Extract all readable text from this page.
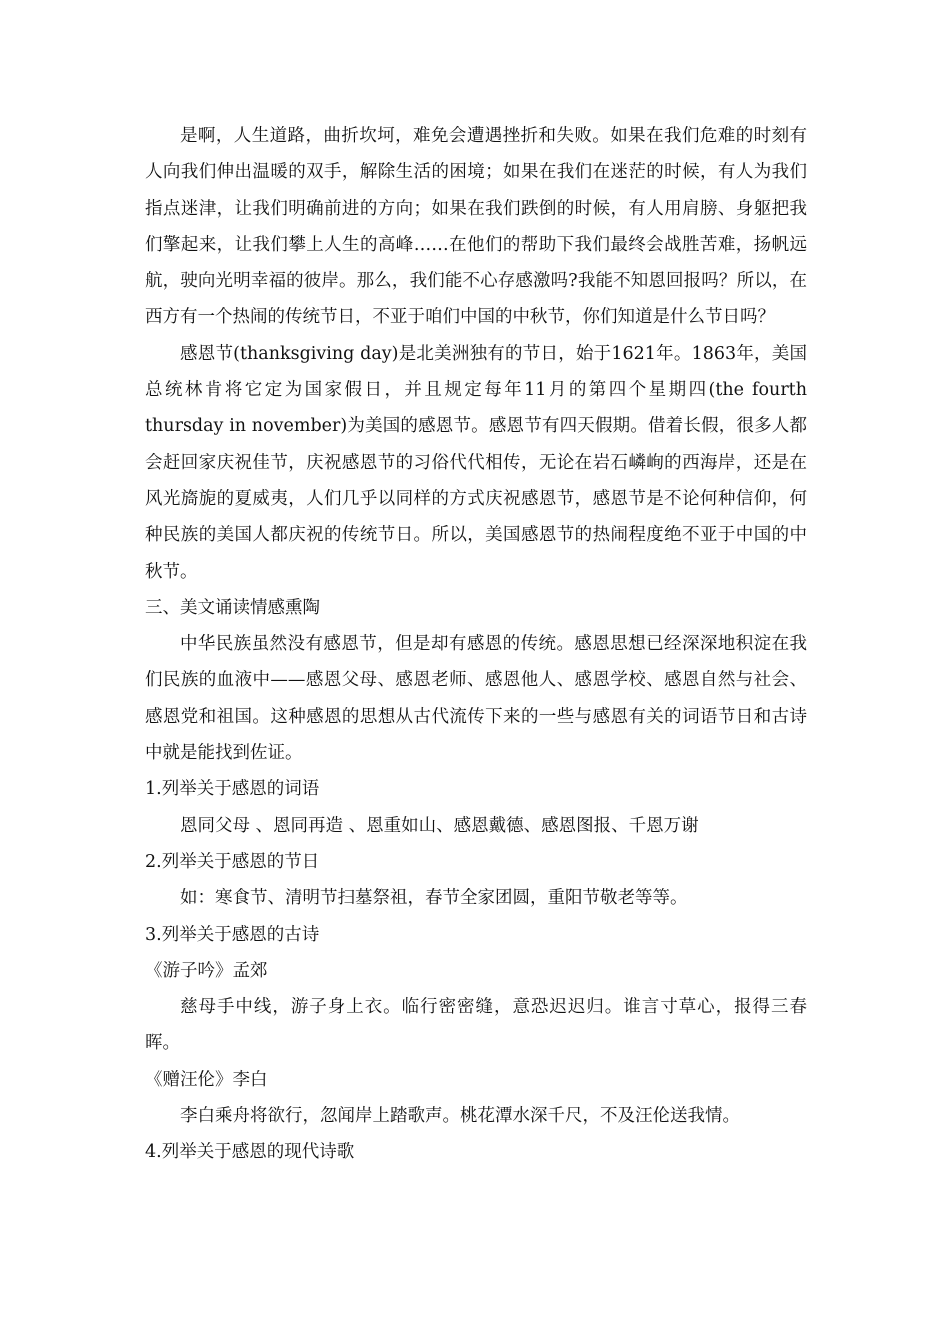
是啊，人生道路，曲折坎坷，难免会遭遇挫折和失败。如果在我们危难的时刻有人向我们伸出温暖的双手，解除生活的困境；如果在我们在迷茫的时候，有人为我们指点迷津，让我们明确前进的方向；如果在我们跌倒的时候，有人用肩膀、身躯把我们擎起来，让我们攀上人生的高峰……在他们的帮助下我们最终会战胜苦难，扬帆远航，驶向光明幸福的彼岸。那么，我们能不心存感激吗?我能不知恩回报吗？所以，在西方有一个热闹的传统节日，不亚于咱们中国的中秋节，你们知道是什么节日吗？

感恩节(thanksgiving day)是北美洲独有的节日，始于1621年。1863年，美国总统林肯将它定为国家假日，并且规定每年11月的第四个星期四(the fourth thursday in november)为美国的感恩节。感恩节有四天假期。借着长假，很多人都会赶回家庆祝佳节，庆祝感恩节的习俗代代相传，无论在岩石嶙峋的西海岸，还是在风光旖旎的夏威夷，人们几乎以同样的方式庆祝感恩节，感恩节是不论何种信仰，何种民族的美国人都庆祝的传统节日。所以，美国感恩节的热闹程度绝不亚于中国的中秋节。

三、美文诵读情感熏陶

中华民族虽然没有感恩节，但是却有感恩的传统。感恩思想已经深深地积淀在我们民族的血液中——感恩父母、感恩老师、感恩他人、感恩学校、感恩自然与社会、感恩党和祖国。这种感恩的思想从古代流传下来的一些与感恩有关的词语节日和古诗中就是能找到佐证。

1.列举关于感恩的词语

恩同父母 、恩同再造 、恩重如山、感恩戴德、感恩图报、千恩万谢

2.列举关于感恩的节日

如：寒食节、清明节扫墓祭祖，春节全家团圆，重阳节敬老等等。

3.列举关于感恩的古诗

《游子吟》孟郊

慈母手中线，游子身上衣。临行密密缝，意恐迟迟归。谁言寸草心，报得三春晖。

《赠汪伦》李白

李白乘舟将欲行，忽闻岸上踏歌声。桃花潭水深千尺，不及汪伦送我情。

4.列举关于感恩的现代诗歌
